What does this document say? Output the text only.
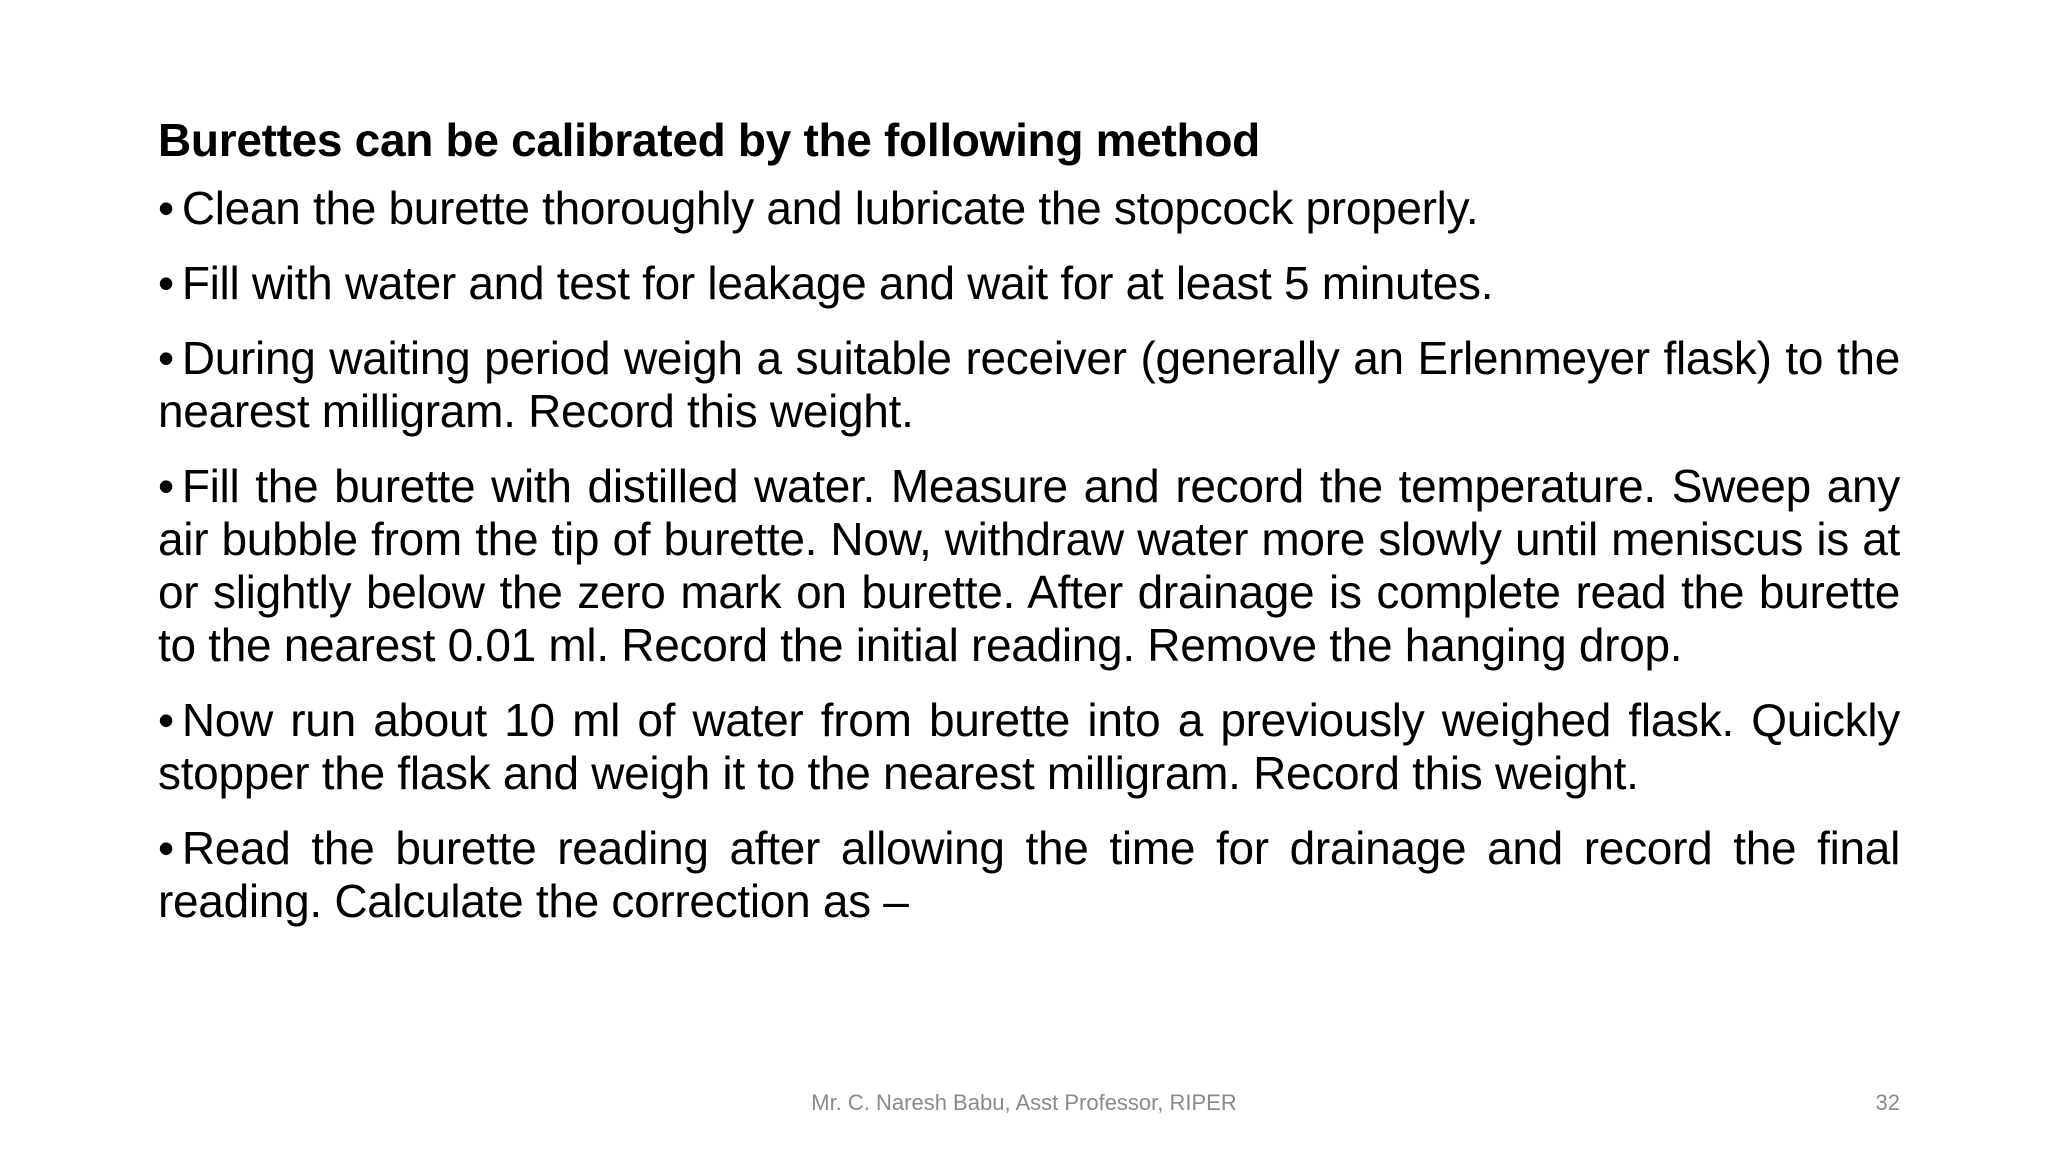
Burettes can be calibrated by the following method
• Clean the burette thoroughly and lubricate the stopcock properly.
• Fill with water and test for leakage and wait for at least 5 minutes.
• During waiting period weigh a suitable receiver (generally an Erlenmeyer flask) to the nearest milligram. Record this weight.
• Fill the burette with distilled water. Measure and record the temperature. Sweep any air bubble from the tip of burette. Now, withdraw water more slowly until meniscus is at or slightly below the zero mark on burette. After drainage is complete read the burette to the nearest 0.01 ml. Record the initial reading. Remove the hanging drop.
• Now run about 10 ml of water from burette into a previously weighed flask. Quickly stopper the flask and weigh it to the nearest milligram. Record this weight.
• Read the burette reading after allowing the time for drainage and record the final reading. Calculate the correction as –
Mr. C. Naresh Babu, Asst Professor, RIPER	32
